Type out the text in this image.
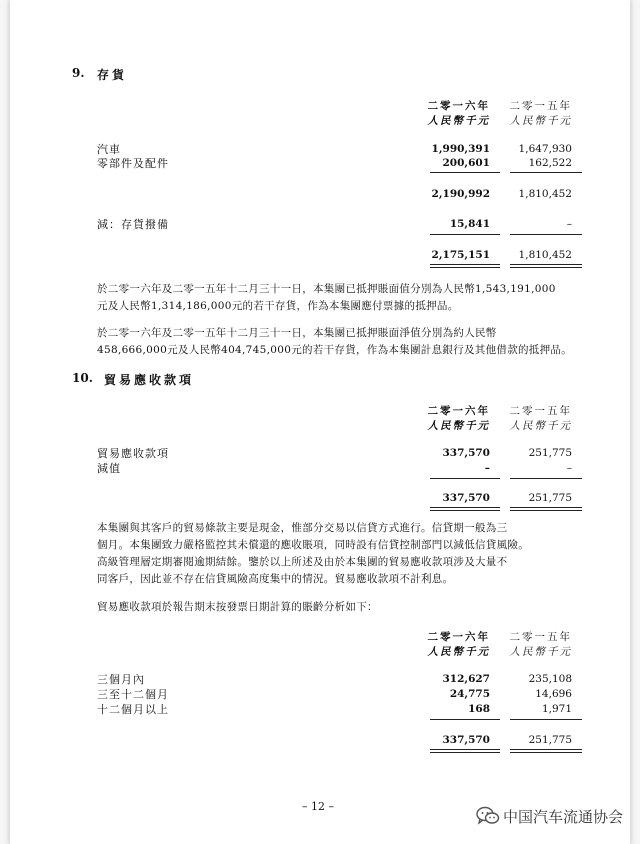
9. 存貨
二零一六年 二零一五年
人民幣千元 人民幣千元
汽車	1,990,391	1,647,930
零部件及配件	200,601	162,522
2,190,992	1,810,452
減：存貨撥備	15,841	–
2,175,151	1,810,452
於二零一六年及二零一五年十二月三十一日，本集團已抵押賬面值分別為人民幣1,543,191,000
元及人民幣1,314,186,000元的若干存貨，作為本集團應付票據的抵押品。
於二零一六年及二零一五年十二月三十一日，本集團已抵押賬面淨值分別為約人民幣
458,666,000元及人民幣404,745,000元的若干存貨，作為本集團計息銀行及其他借款的抵押品。
10. 貿易應收款項
二零一六年 二零一五年
人民幣千元 人民幣千元
貿易應收款項	337,570	251,775
減值	–	–
337,570	251,775
本集團與其客戶的貿易條款主要是現金，惟部分交易以信貸方式進行。信貸期一般為三
個月。本集團致力嚴格監控其未償還的應收賬項，同時設有信貸控制部門以減低信貸風險。
高級管理層定期審閱逾期結餘。鑒於以上所述及由於本集團的貿易應收款項涉及大量不
同客戶，因此並不存在信貸風險高度集中的情況。貿易應收款項不計利息。
貿易應收款項於報告期末按發票日期計算的賬齡分析如下：
二零一六年 二零一五年
人民幣千元 人民幣千元
三個月內	312,627	235,108
三至十二個月	24,775	14,696
十二個月以上	168	1,971
337,570	251,775
– 12 –
中国汽车流通协会
